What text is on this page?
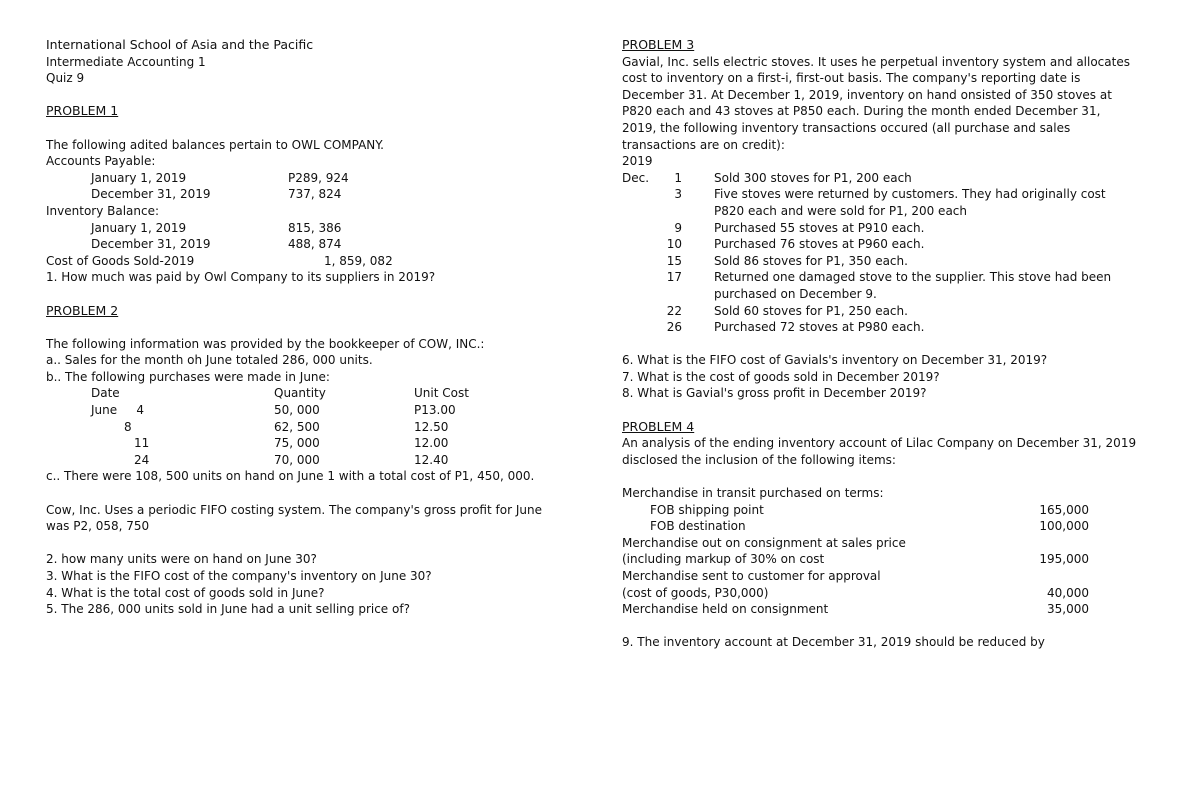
International School of Asia and the Pacific
Intermediate Accounting 1
Quiz 9
PROBLEM 1
The following adited balances pertain to OWL COMPANY.
Accounts Payable:
January 1, 2019	P289, 924
December 31, 2019	737, 824
Inventory Balance:
January 1, 2019	815, 386
December 31, 2019	488, 874
Cost of Goods Sold-2019	1, 859, 082
1. How much was paid by Owl Company to its suppliers in 2019?
PROBLEM 2
The following information was provided by the bookkeeper of COW, INC.:
a.. Sales for the month oh June totaled 286, 000 units.
b.. The following purchases were made in June:
Date	Quantity	Unit Cost
June	4	50, 000	P13.00
8	62, 500	12.50
11	75, 000	12.00
24	70, 000	12.40
c.. There were 108, 500 units on hand on June 1 with a total cost of P1, 450, 000.
Cow, Inc. Uses a periodic FIFO costing system. The company's gross profit for June
was P2, 058, 750
2. how many units were on hand on June 30?
3. What is the FIFO cost of the company's inventory on June 30?
4. What is the total cost of goods sold in June?
5. The 286, 000 units sold in June had a unit selling price of?
PROBLEM 3
Gavial, Inc. sells electric stoves. It uses he perpetual inventory system and allocates
cost to inventory on a first-i, first-out basis. The company's reporting date is
December 31. At December 1, 2019, inventory on hand onsisted of 350 stoves at
P820 each and 43 stoves at P850 each. During the month ended December 31,
2019, the following inventory transactions occured (all purchase and sales
transactions are on credit):
2019
Dec.	1	Sold 300 stoves for P1, 200 each
3	Five stoves were returned by customers. They had originally cost
P820 each and were sold for P1, 200 each
9	Purchased 55 stoves at P910 each.
10	Purchased 76 stoves at P960 each.
15	Sold 86 stoves for P1, 350 each.
17	Returned one damaged stove to the supplier. This stove had been
purchased on December 9.
22	Sold 60 stoves for P1, 250 each.
26	Purchased 72 stoves at P980 each.
6. What is the FIFO cost of Gavials's inventory on December 31, 2019?
7. What is the cost of goods sold in December 2019?
8. What is Gavial's gross profit in December 2019?
PROBLEM 4
An analysis of the ending inventory account of Lilac Company on December 31, 2019
disclosed the inclusion of the following items:
Merchandise in transit purchased on terms:
FOB shipping point	165,000
FOB destination	100,000
Merchandise out on consignment at sales price
(including markup of 30% on cost	195,000
Merchandise sent to customer for approval
(cost of goods, P30,000)	40,000
Merchandise held on consignment	35,000
9. The inventory account at December 31, 2019 should be reduced by
